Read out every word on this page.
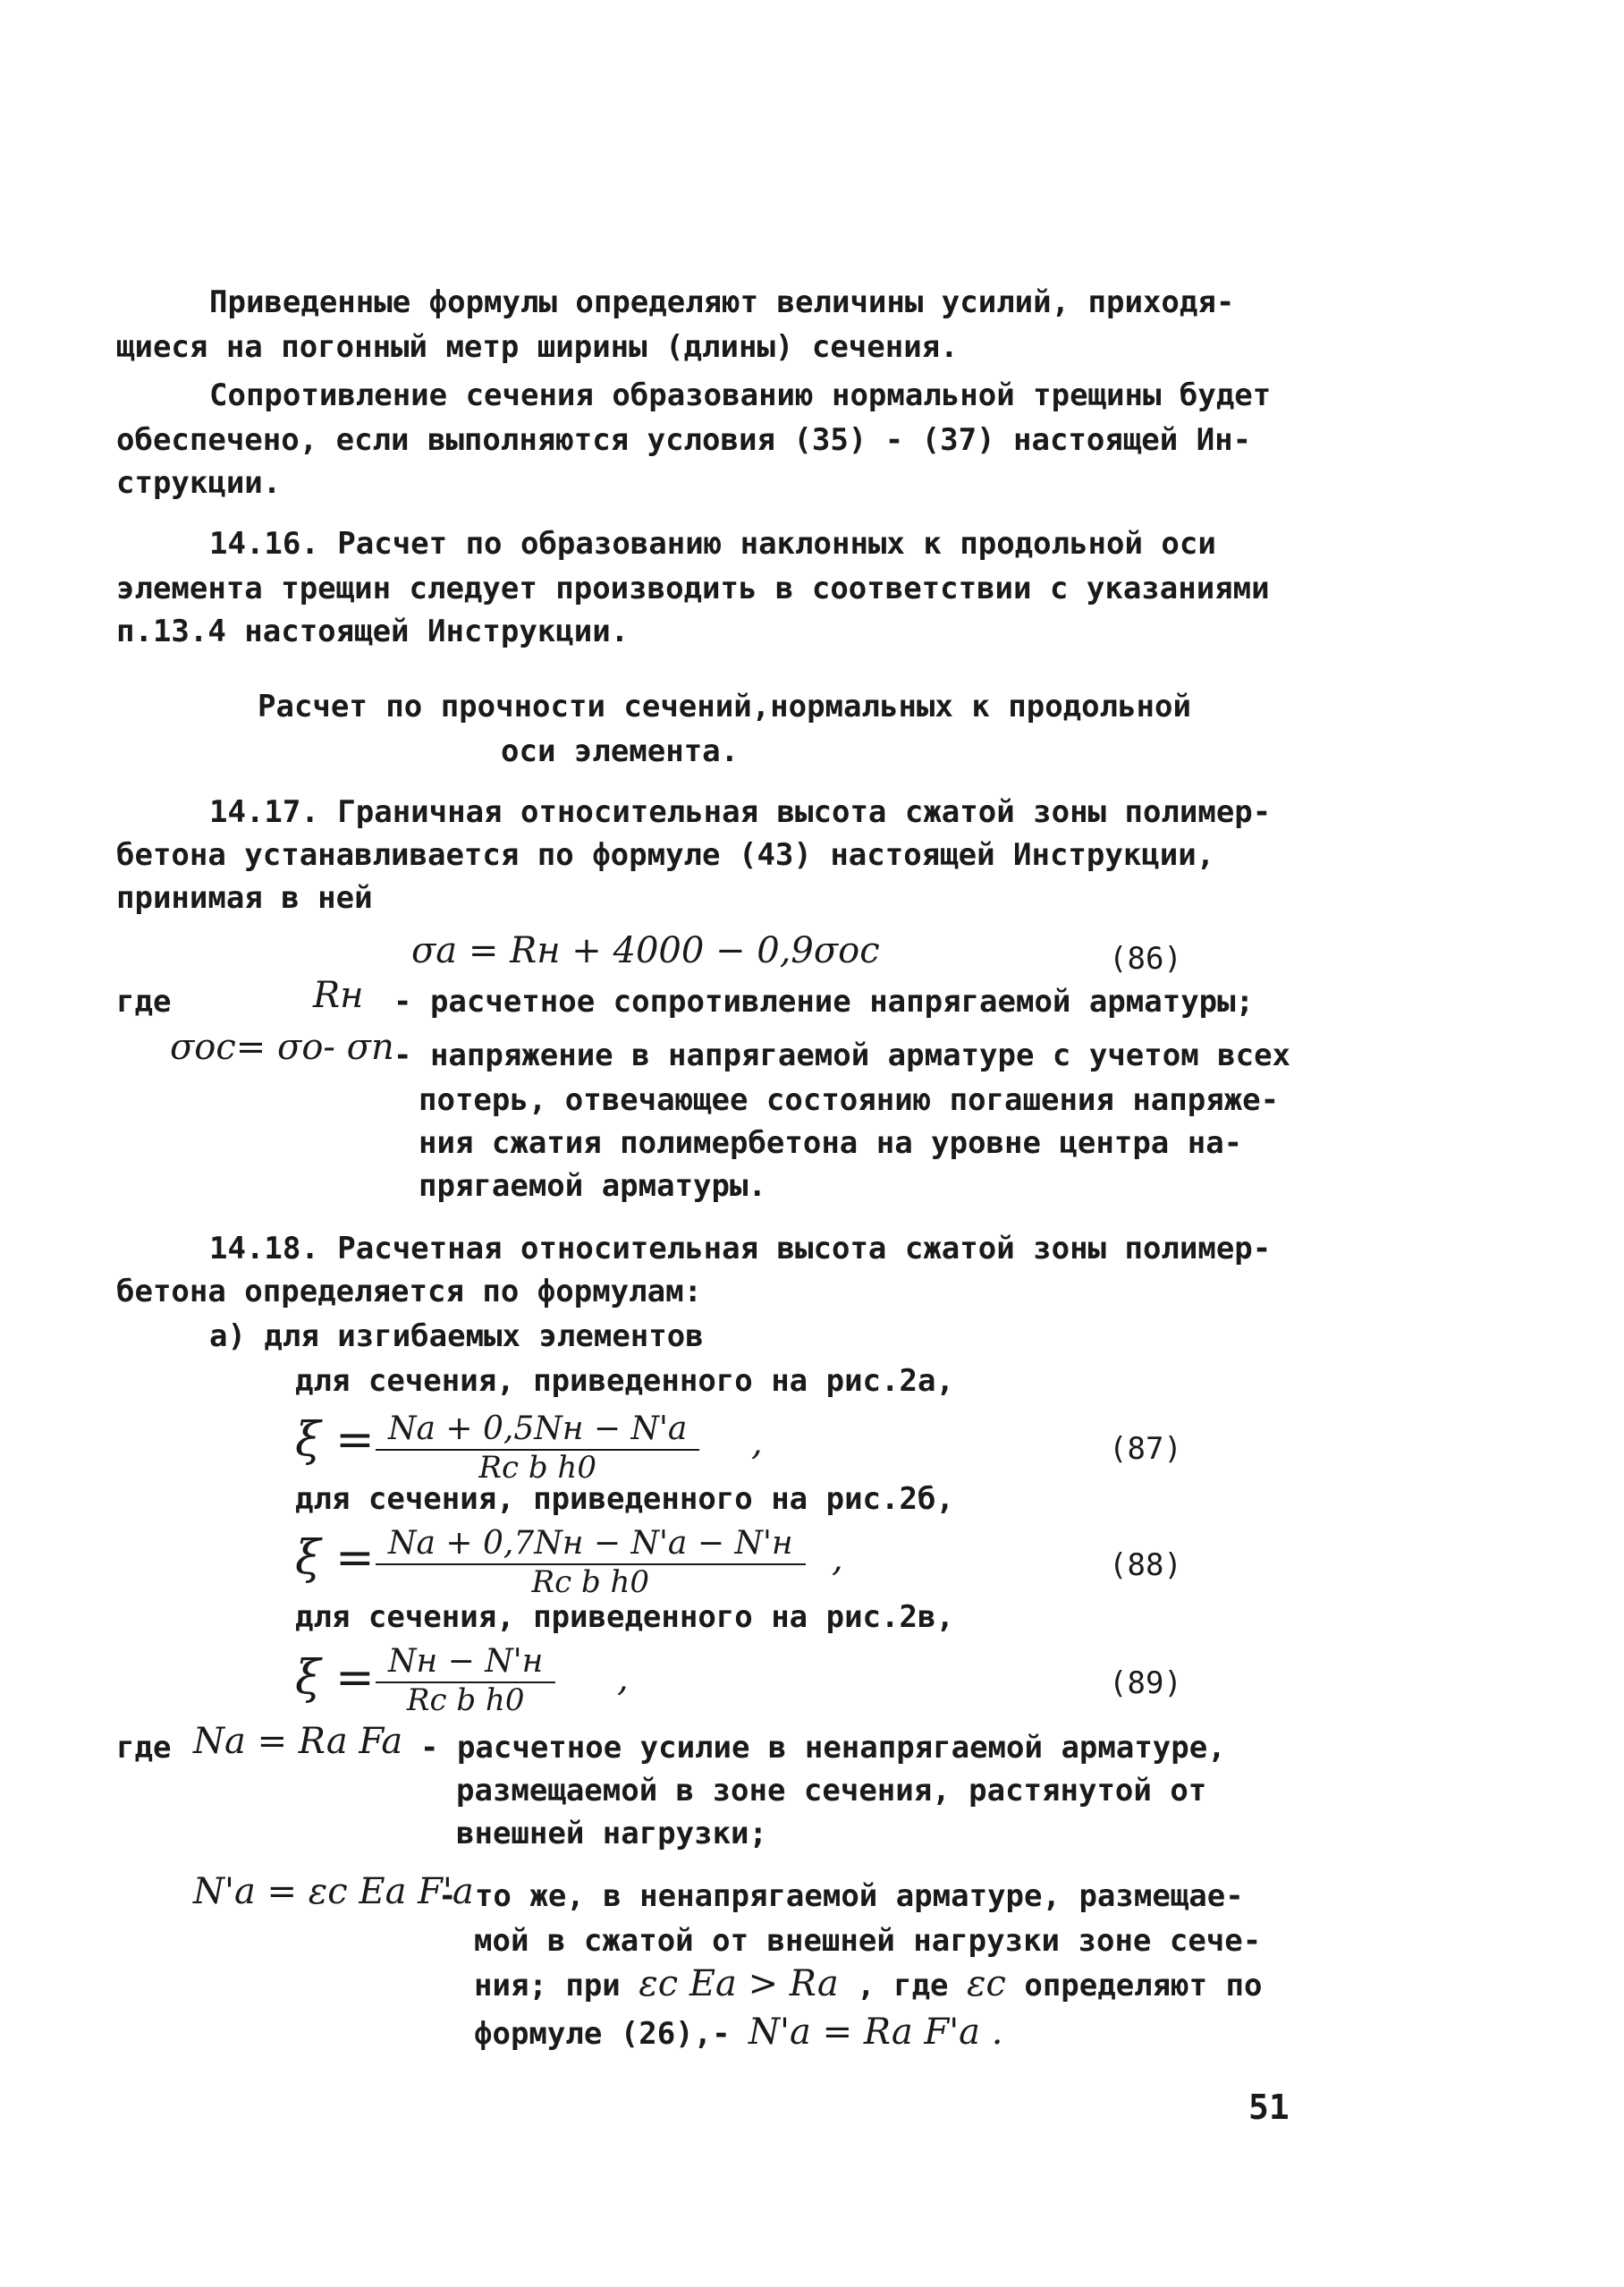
Приведенные формулы определяют величины усилий, приходя-
щиеся на погонный метр ширины (длины) сечения.
Сопротивление сечения образованию нормальной трещины будет
обеспечено, если выполняются условия (35) - (37) настоящей Ин-
струкции.
14.16. Расчет по образованию наклонных к продольной оси
элемента трещин следует производить в соответствии с указаниями
п.13.4 настоящей Инструкции.
Расчет по прочности сечений,нормальных к продольной
оси элемента.
14.17. Граничная относительная высота сжатой зоны полимер-
бетона устанавливается по формуле (43) настоящей Инструкции,
принимая в ней
σa = Rн + 4000 − 0,9σoc	(86)
где	Rн - расчетное сопротивление напрягаемой арматуры;
σoc= σo- σn - напряжение в напрягаемой арматуре с учетом всех
потерь, отвечающее состоянию погашения напряже-
ния сжатия полимербетона на уровне центра на-
прягаемой арматуры.
14.18. Расчетная относительная высота сжатой зоны полимер-
бетона определяется по формулам:
а) для изгибаемых элементов
для сечения, приведенного на рис.2а,
ξ = Na + 0,5Nн − N'a
Rc b h0
,	(87)
для сечения, приведенного на рис.2б,
ξ = Na + 0,7Nн − N'a − N'н
Rc b h0
,	(88)
для сечения, приведенного на рис.2в,
ξ = Nн − N'н
Rc b h0
,	(89)
где Na = Ra Fa - расчетное усилие в ненапрягаемой арматуре,
размещаемой в зоне сечения, растянутой от
внешней нагрузки;
N'a = εc Ea F'a
- то же, в ненапрягаемой арматуре, размещае-
мой в сжатой от внешней нагрузки зоне сече-
ния; при εc Ea > Ra , где εc определяют по
формуле (26),- N'a = Ra F'a .
51
